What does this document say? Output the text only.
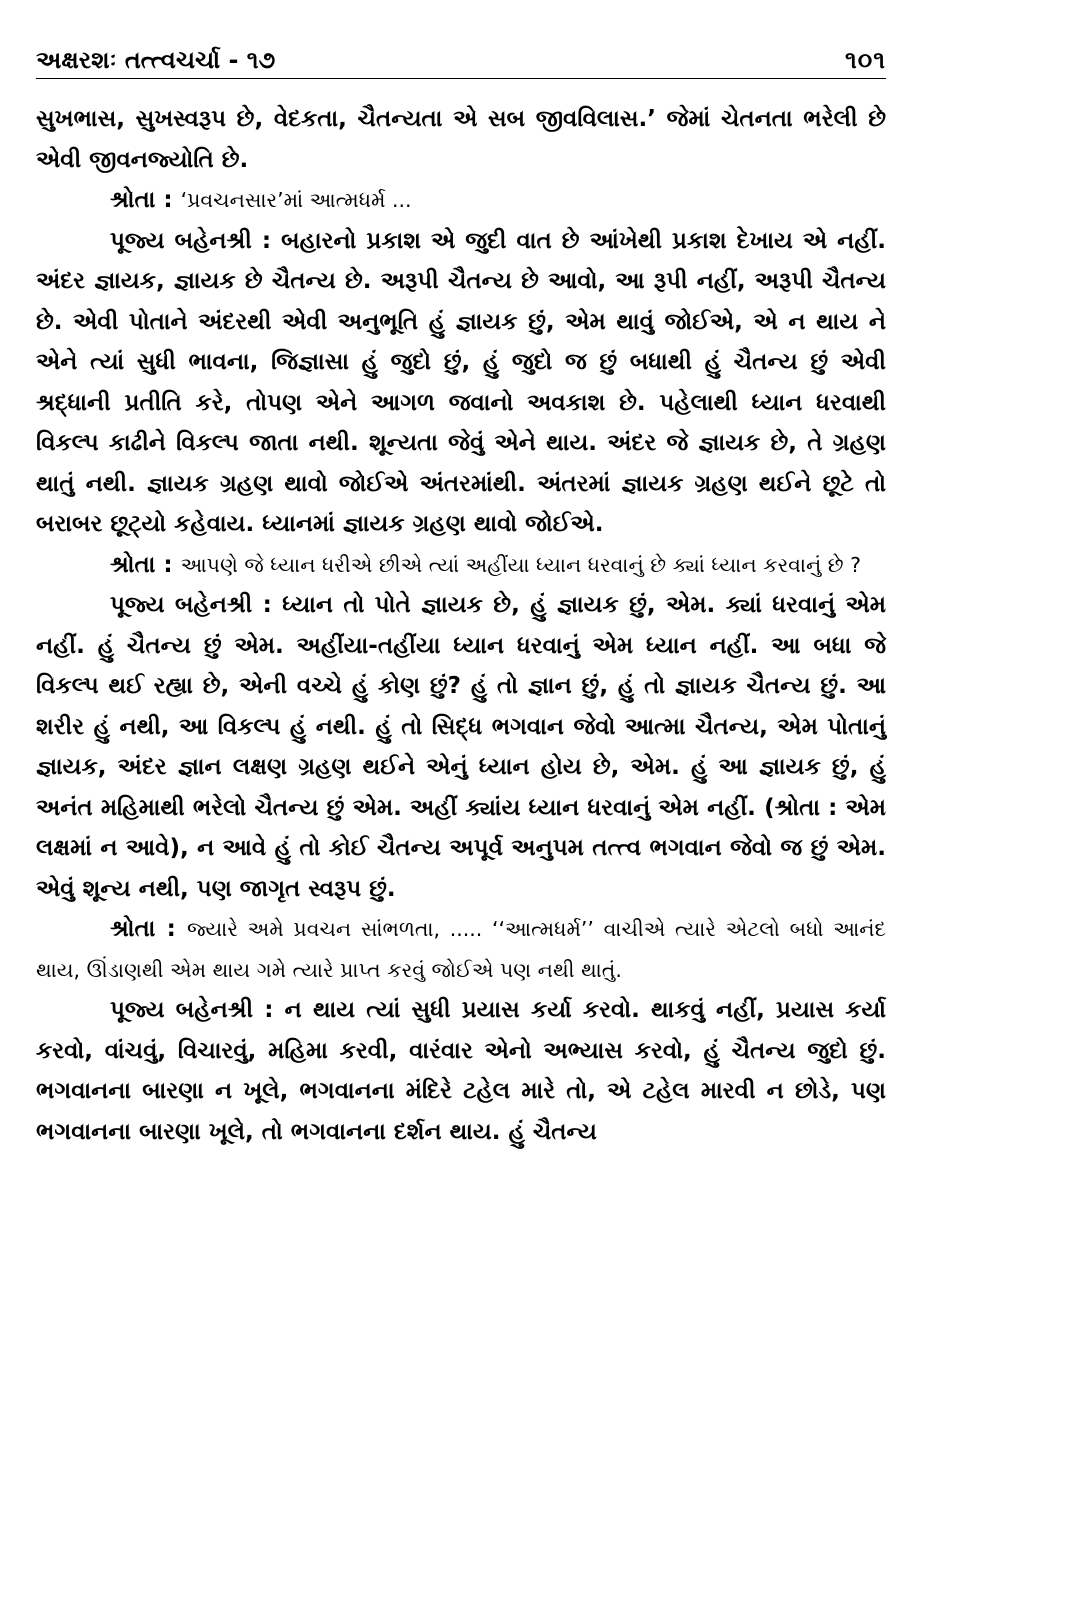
અક્ષરશઃ તત્ત્વચર્ચા - ૧૭	૧૦૧

સુખભાસ, સુખસ્વરૂપ છે, વેદકતા, ચૈતન્યતા એ સબ જીવવિલાસ.’ જેમાં ચેતનતા ભરેલી છે એવી જીવનજ્યોતિ છે.

શ્રોતા : ‘પ્રવચનસાર’માં આત્મધર્મ ...

પૂજ્ય બહેનશ્રી : બહારનો પ્રકાશ એ જુદી વાત છે આંખેથી પ્રકાશ દેખાય એ નહીં. અંદર જ્ઞાયક, જ્ઞાયક છે ચૈતન્ય છે. અરૂપી ચૈતન્ય છે આવો, આ રૂપી નહીં, અરૂપી ચૈતન્ય છે. એવી પોતાને અંદરથી એવી અનુભૂતિ હું જ્ઞાયક છું, એમ થાવું જોઈએ, એ ન થાય ને એને ત્યાં સુધી ભાવના, જિજ્ઞાસા હું જુદો છું, હું જુદો જ છું બધાથી હું ચૈતન્ય છું એવી શ્રદ્ધાની પ્રતીતિ કરે, તોપણ એને આગળ જવાનો અવકાશ છે. પહેલાથી ધ્યાન ધરવાથી વિકલ્પ કાઢીને વિકલ્પ જાતા નથી. શૂન્યતા જેવું એને થાય. અંદર જે જ્ઞાયક છે, તે ગ્રહણ થાતું નથી. જ્ઞાયક ગ્રહણ થાવો જોઈએ અંતરમાંથી. અંતરમાં જ્ઞાયક ગ્રહણ થઈને છૂટે તો બરાબર છૂટ્યો કહેવાય. ધ્યાનમાં જ્ઞાયક ગ્રહણ થાવો જોઈએ.

શ્રોતા : આપણે જે ધ્યાન ધરીએ છીએ ત્યાં અહીંયા ધ્યાન ધરવાનું છે ક્યાં ધ્યાન કરવાનું છે ?

પૂજ્ય બહેનશ્રી : ધ્યાન તો પોતે જ્ઞાયક છે, હું જ્ઞાયક છું, એમ. ક્યાં ધરવાનું એમ નહીં. હું ચૈતન્ય છું એમ. અહીંયા-તહીંયા ધ્યાન ધરવાનું એમ ધ્યાન નહીં. આ બધા જે વિકલ્પ થઈ રહ્યા છે, એની વચ્ચે હું કોણ છું? હું તો જ્ઞાન છું, હું તો જ્ઞાયક ચૈતન્ય છું. આ શરીર હું નથી, આ વિકલ્પ હું નથી. હું તો સિદ્ધ ભગવાન જેવો આત્મા ચૈતન્ય, એમ પોતાનું જ્ઞાયક, અંદર જ્ઞાન લક્ષણ ગ્રહણ થઈને એનું ધ્યાન હોય છે, એમ. હું આ જ્ઞાયક છું, હું અનંત મહિમાથી ભરેલો ચૈતન્ય છું એમ. અહીં ક્યાંય ધ્યાન ધરવાનું એમ નહીં. (શ્રોતા : એમ લક્ષમાં ન આવે), ન આવે હું તો કોઈ ચૈતન્ય અપૂર્વ અનુપમ તત્ત્વ ભગવાન જેવો જ છું એમ. એવું શૂન્ય નથી, પણ જાગૃત સ્વરૂપ છું.

શ્રોતા : જ્યારે અમે પ્રવચન સાંભળતા, ..... ‘‘આત્મધર્મ’’ વાચીએ ત્યારે એટલો બધો આનંદ થાય, ઊંડાણથી એમ થાય ગમે ત્યારે પ્રાપ્ત કરવું જોઈએ પણ નથી થાતું.

પૂજ્ય બહેનશ્રી : ન થાય ત્યાં સુધી પ્રયાસ કર્યા કરવો. થાકવું નહીં, પ્રયાસ કર્યા કરવો, વાંચવું, વિચારવું, મહિમા કરવી, વારંવાર એનો અભ્યાસ કરવો, હું ચૈતન્ય જુદો છું. ભગવાનના બારણા ન ખૂલે, ભગવાનના મંદિરે ટહેલ મારે તો, એ ટહેલ મારવી ન છોડે, પણ ભગવાનના બારણા ખૂલે, તો ભગવાનના દર્શન થાય. હું ચૈતન્ય
